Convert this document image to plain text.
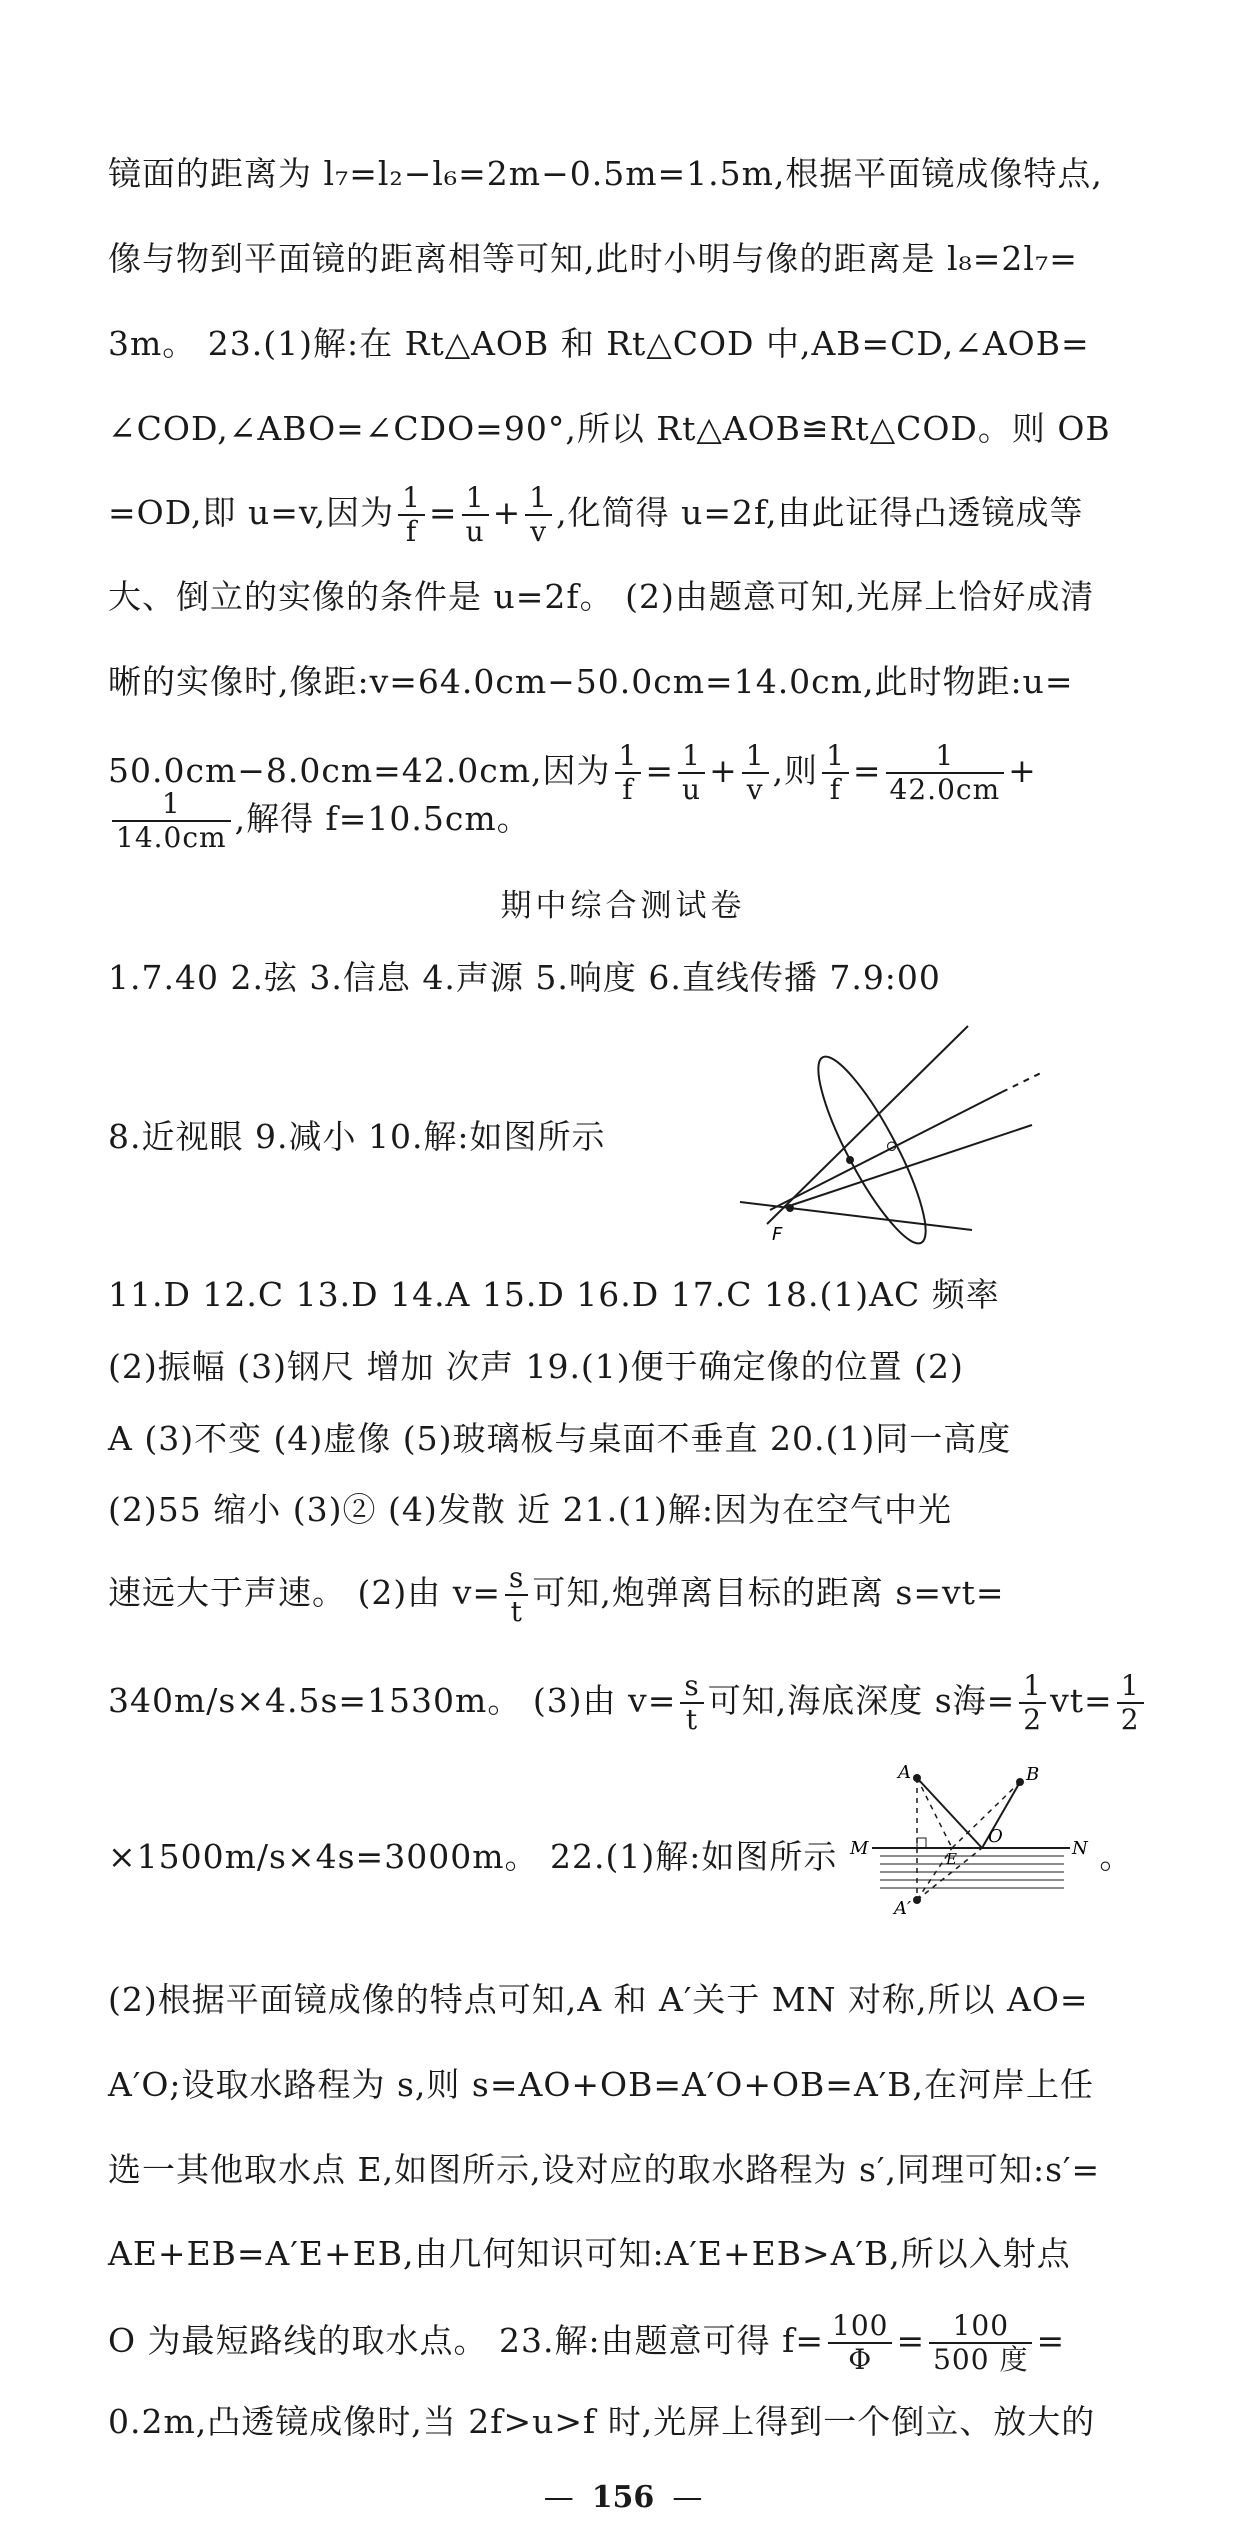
镜面的距离为 l₇=l₂−l₆=2m−0.5m=1.5m,根据平面镜成像特点,
像与物到平面镜的距离相等可知,此时小明与像的距离是 l₈=2l₇=
3m。 23.(1)解:在 Rt△AOB 和 Rt△COD 中,AB=CD,∠AOB=
∠COD,∠ABO=∠CDO=90°,所以 Rt△AOB≌Rt△COD。则 OB
=OD,即 u=v,因为 $\frac{1}{f} = \frac{1}{u} + \frac{1}{v}$ ,化简得 u=2f,由此证得凸透镜成等
大、倒立的实像的条件是 u=2f。 (2)由题意可知,光屏上恰好成清
晰的实像时,像距:v=64.0cm−50.0cm=14.0cm,此时物距:u=
50.0cm−8.0cm=42.0cm,因为 $\frac{1}{f} = \frac{1}{u} + \frac{1}{v}$ ,则 $\frac{1}{f} = \frac{1}{42.0cm}$ +
$\frac{1}{14.0cm}$ ,解得 f=10.5cm。
期中综合测试卷
1.7.40 2.弦 3.信息 4.声源 5.响度 6.直线传播 7.9:00
8.近视眼 9.减小 10.解:如图所示	。
F
11.D 12.C 13.D 14.A 15.D 16.D 17.C 18.(1)AC 频率
(2)振幅 (3)钢尺 增加 次声 19.(1)便于确定像的位置 (2)
A (3)不变 (4)虚像 (5)玻璃板与桌面不垂直 20.(1)同一高度
(2)55 缩小 (3)② (4)发散 近 21.(1)解:因为在空气中光
速远大于声速。 (2)由 $v= \frac{s}{t}$ 可知,炮弹离目标的距离 s=vt=
340m/s×4.5s=1530m。 (3)由 $v= \frac{s}{t}$ 可知,海底深度 s海= $\frac{1}{2} vt= \frac{1}{2}$
×1500m/s×4s=3000m。 22.(1)解:如图所示	。
A	B
O
M	N
E
A′
(2)根据平面镜成像的特点可知,A 和 A′关于 MN 对称,所以 AO=
A′O;设取水路程为 s,则 s=AO+OB=A′O+OB=A′B,在河岸上任
选一其他取水点 E,如图所示,设对应的取水路程为 s′,同理可知:s′=
AE+EB=A′E+EB,由几何知识可知:A′E+EB>A′B,所以入射点
O 为最短路线的取水点。 23.解:由题意可得 $f= \frac{100}{\Phi} = \frac{100}{\text{500 度}}$ =
0.2m,凸透镜成像时,当 2f>u>f 时,光屏上得到一个倒立、放大的
— 156 —
